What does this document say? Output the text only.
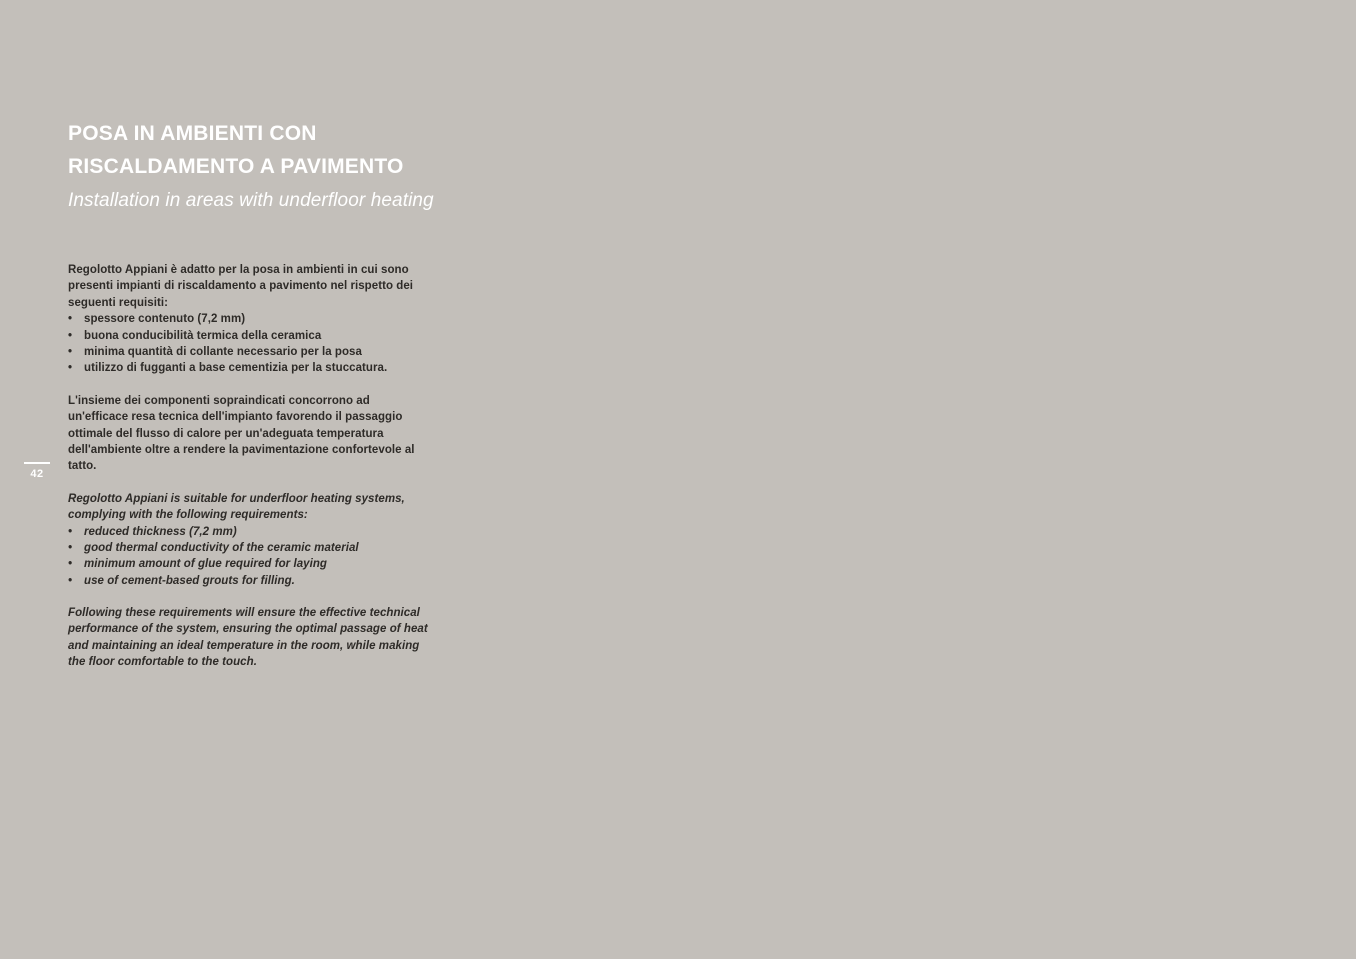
42
POSA IN AMBIENTI CON
RISCALDAMENTO A PAVIMENTO
Installation in areas with underfloor heating

Regolotto Appiani è adatto per la posa in ambienti in cui sono presenti impianti di riscaldamento a pavimento nel rispetto dei seguenti requisiti:

• spessore contenuto (7,2 mm)
• buona conducibilità termica della ceramica
• minima quantità di collante necessario per la posa
• utilizzo di fugganti a base cementizia per la stuccatura.

L'insieme dei componenti sopraindicati concorrono ad un'efficace resa tecnica dell'impianto favorendo il passaggio ottimale del flusso di calore per un'adeguata temperatura dell'ambiente oltre a rendere la pavimentazione confortevole al tatto.

Regolotto Appiani is suitable for underfloor heating systems, complying with the following requirements:

• reduced thickness (7,2 mm)
• good thermal conductivity of the ceramic material
• minimum amount of glue required for laying
• use of cement-based grouts for filling.

Following these requirements will ensure the effective technical performance of the system, ensuring the optimal passage of heat and maintaining an ideal temperature in the room, while making the floor comfortable to the touch.
